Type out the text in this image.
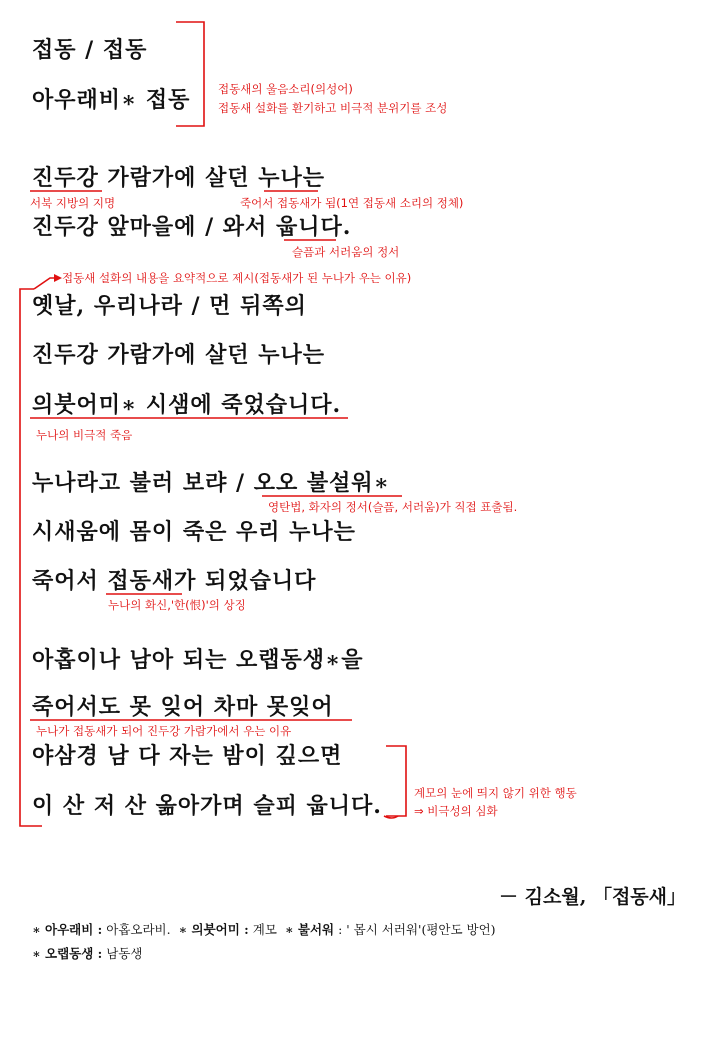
접동 / 접동
아우래비∗ 접동
진두강 가람가에 살던 누나는
진두강 앞마을에 / 와서 웁니다.
옛날, 우리나라 / 먼 뒤쪽의
진두강 가람가에 살던 누나는
의붓어미∗ 시샘에 죽었습니다.
누나라고 불러 보랴 / 오오 불설워∗
시새움에 몸이 죽은 우리 누나는
죽어서 접동새가 되었습니다
아홉이나 남아 되는 오랩동생∗을
죽어서도 못 잊어 차마 못잊어
야삼경 남 다 자는 밤이 깊으면
이 산 저 산 옮아가며 슬피 웁니다.
접동새의 울음소리(의성어)
접동새 설화를 환기하고 비극적 분위기를 조성
서북 지방의 지명	죽어서 접동새가 됨(1연 접동새 소리의 정체)
슬픔과 서러움의 정서
접동새 설화의 내용을 요약적으로 제시(접동새가 된 누나가 우는 이유)
누나의 비극적 죽음
영탄법, 화자의 정서(슬픔, 서러움)가 직접 표출됨.
누나의 화신,'한(恨)'의 상징
누나가 접동새가 되어 진두강 가람가에서 우는 이유
계모의 눈에 띄지 않기 위한 행동
⇒ 비극성의 심화
－ 김소월, 「접동새」
∗ 아우래비 : 아홉오라비. ∗ 의붓어미 : 계모 ∗ 불서워 : ' 몹시 서러워'(평안도 방언)
∗ 오랩동생 : 남동생
